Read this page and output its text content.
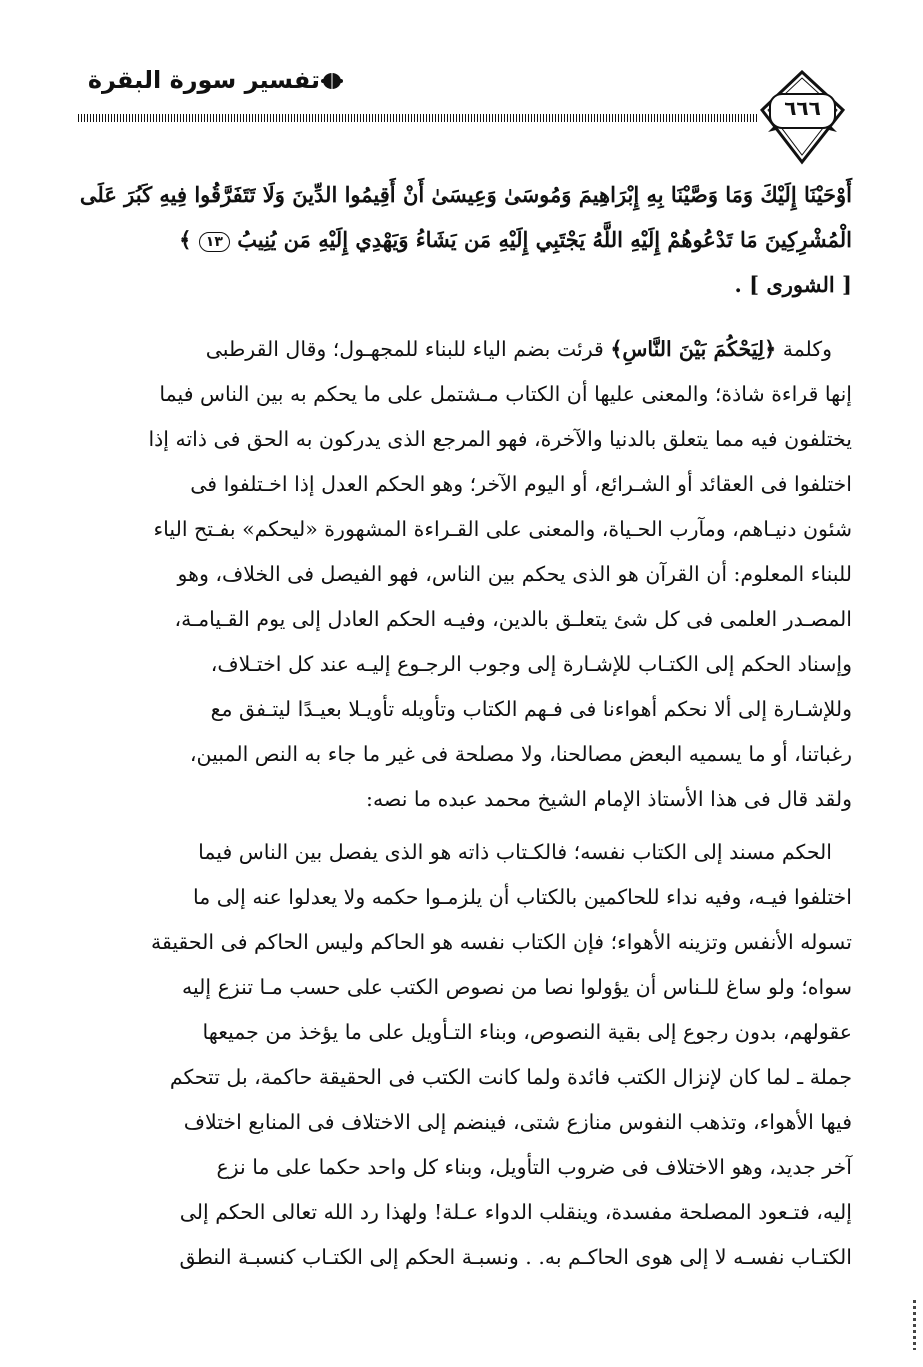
تفسير سورة البقرة
٦٦٦
أَوْحَيْنَا إِلَيْكَ وَمَا وَصَّيْنَا بِهِ إِبْرَاهِيمَ وَمُوسَىٰ وَعِيسَىٰ أَنْ أَقِيمُوا الدِّينَ وَلَا تَتَفَرَّقُوا فِيهِ كَبُرَ عَلَى
الْمُشْرِكِينَ مَا تَدْعُوهُمْ إِلَيْهِ اللَّهُ يَجْتَبِي إِلَيْهِ مَن يَشَاءُ وَيَهْدِي إِلَيْهِ مَن يُنِيبُ ١٣ ﴾
[ الشورى ] .
وكلمة ﴿لِيَحْكُمَ بَيْنَ النَّاسِ﴾ قرئت بضم الياء للبناء للمجهـول؛ وقال القرطبى
إنها قراءة شاذة؛ والمعنى عليها أن الكتاب مـشتمل على ما يحكم به بين الناس فيما
يختلفون فيه مما يتعلق بالدنيا والآخرة، فهو المرجع الذى يدركون به الحق فى ذاته إذا
اختلفوا فى العقائد أو الشـرائع، أو اليوم الآخر؛ وهو الحكم العدل إذا اخـتلفوا فى
شئون دنيـاهم، ومآرب الحـياة، والمعنى على القـراءة المشهورة «ليحكم» بفـتح الياء
للبناء المعلوم: أن القرآن هو الذى يحكم بين الناس، فهو الفيصل فى الخلاف، وهو
المصـدر العلمى فى كل شئ يتعلـق بالدين، وفيـه الحكم العادل إلى يوم القـيامـة،
وإسناد الحكم إلى الكتـاب للإشـارة إلى وجوب الرجـوع إليـه عند كل اختـلاف،
وللإشـارة إلى ألا نحكم أهواءنا فى فـهم الكتاب وتأويله تأويـلا بعيـدًا ليتـفق مع
رغباتنا، أو ما يسميه البعض مصالحنا، ولا مصلحة فى غير ما جاء به النص المبين،
ولقد قال فى هذا الأستاذ الإمام الشيخ محمد عبده ما نصه:
الحكم مسند إلى الكتاب نفسه؛ فالكـتاب ذاته هو الذى يفصل بين الناس فيما
اختلفوا فيـه، وفيه نداء للحاكمين بالكتاب أن يلزمـوا حكمه ولا يعدلوا عنه إلى ما
تسوله الأنفس وتزينه الأهواء؛ فإن الكتاب نفسه هو الحاكم وليس الحاكم فى الحقيقة
سواه؛ ولو ساغ للـناس أن يؤولوا نصا من نصوص الكتب على حسب مـا تنزع إليه
عقولهم، بدون رجوع إلى بقية النصوص، وبناء التـأويل على ما يؤخذ من جميعها
جملة ـ لما كان لإنزال الكتب فائدة ولما كانت الكتب فى الحقيقة حاكمة، بل تتحكم
فيها الأهواء، وتذهب النفوس منازع شتى، فينضم إلى الاختلاف فى المنابع اختلاف
آخر جديد، وهو الاختلاف فى ضروب التأويل، وبناء كل واحد حكما على ما نزع
إليه، فتـعود المصلحة مفسدة، وينقلب الدواء عـلة! ولهذا رد الله تعالى الحكم إلى
الكتـاب نفسـه لا إلى هوى الحاكـم به. . ونسبـة الحكم إلى الكتـاب كنسبـة النطق
